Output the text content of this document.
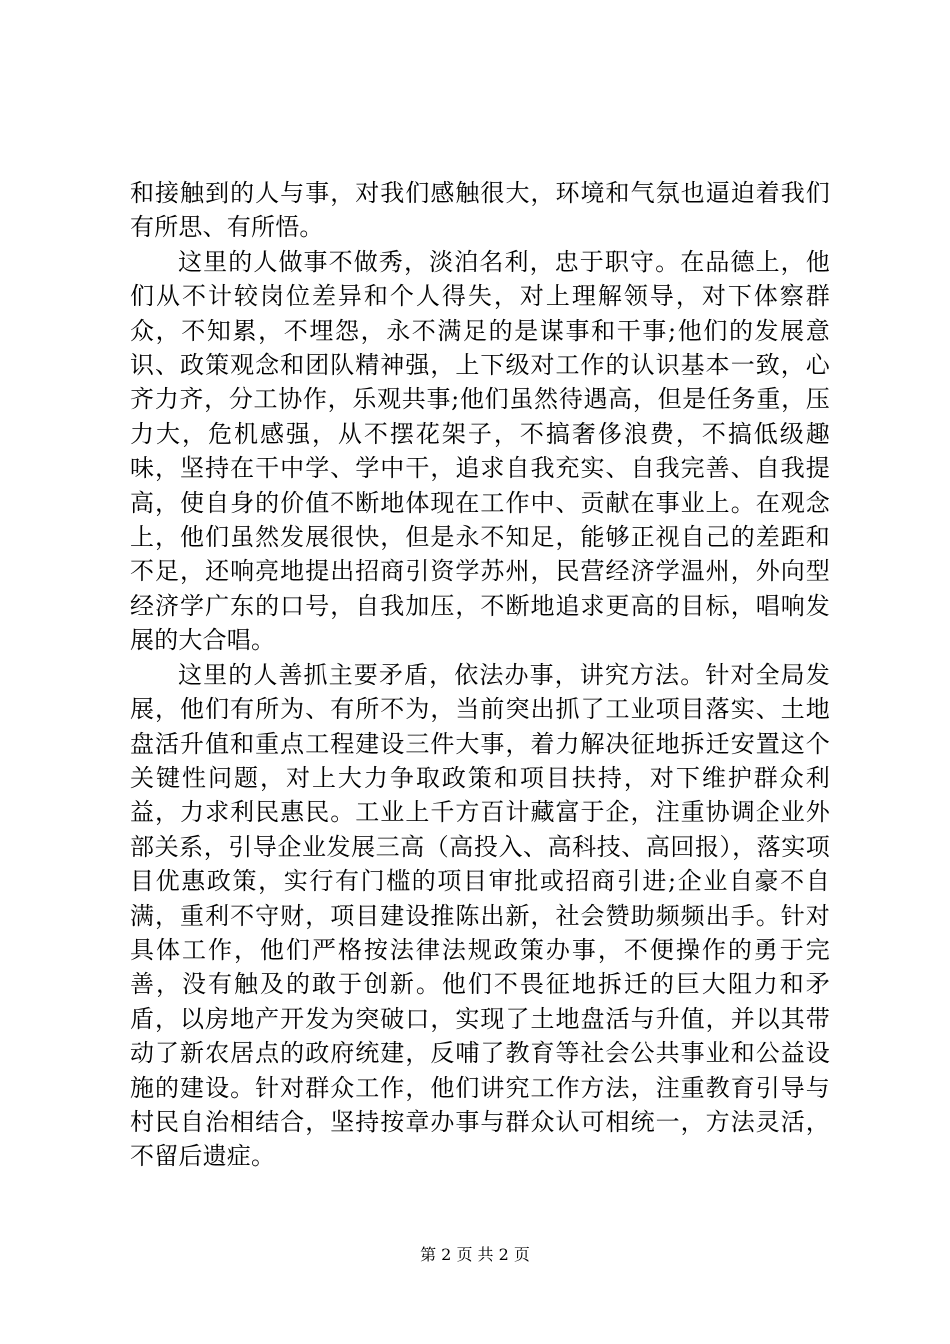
和接触到的人与事，对我们感触很大，环境和气氛也逼迫着我们有所思、有所悟。

这里的人做事不做秀，淡泊名利，忠于职守。在品德上，他们从不计较岗位差异和个人得失，对上理解领导，对下体察群众，不知累，不埋怨，永不满足的是谋事和干事;他们的发展意识、政策观念和团队精神强，上下级对工作的认识基本一致，心齐力齐，分工协作，乐观共事;他们虽然待遇高，但是任务重，压力大，危机感强，从不摆花架子，不搞奢侈浪费，不搞低级趣味，坚持在干中学、学中干，追求自我充实、自我完善、自我提高，使自身的价值不断地体现在工作中、贡献在事业上。在观念上，他们虽然发展很快，但是永不知足，能够正视自己的差距和不足，还响亮地提出招商引资学苏州，民营经济学温州，外向型经济学广东的口号，自我加压，不断地追求更高的目标，唱响发展的大合唱。

这里的人善抓主要矛盾，依法办事，讲究方法。针对全局发展，他们有所为、有所不为，当前突出抓了工业项目落实、土地盘活升值和重点工程建设三件大事，着力解决征地拆迁安置这个关键性问题，对上大力争取政策和项目扶持，对下维护群众利益，力求利民惠民。工业上千方百计藏富于企，注重协调企业外部关系，引导企业发展三高（高投入、高科技、高回报），落实项目优惠政策，实行有门槛的项目审批或招商引进;企业自豪不自满，重利不守财，项目建设推陈出新，社会赞助频频出手。针对具体工作，他们严格按法律法规政策办事，不便操作的勇于完善，没有触及的敢于创新。他们不畏征地拆迁的巨大阻力和矛盾，以房地产开发为突破口，实现了土地盘活与升值，并以其带动了新农居点的政府统建，反哺了教育等社会公共事业和公益设施的建设。针对群众工作，他们讲究工作方法，注重教育引导与村民自治相结合，坚持按章办事与群众认可相统一，方法灵活，不留后遗症。

第 2 页 共 2 页
